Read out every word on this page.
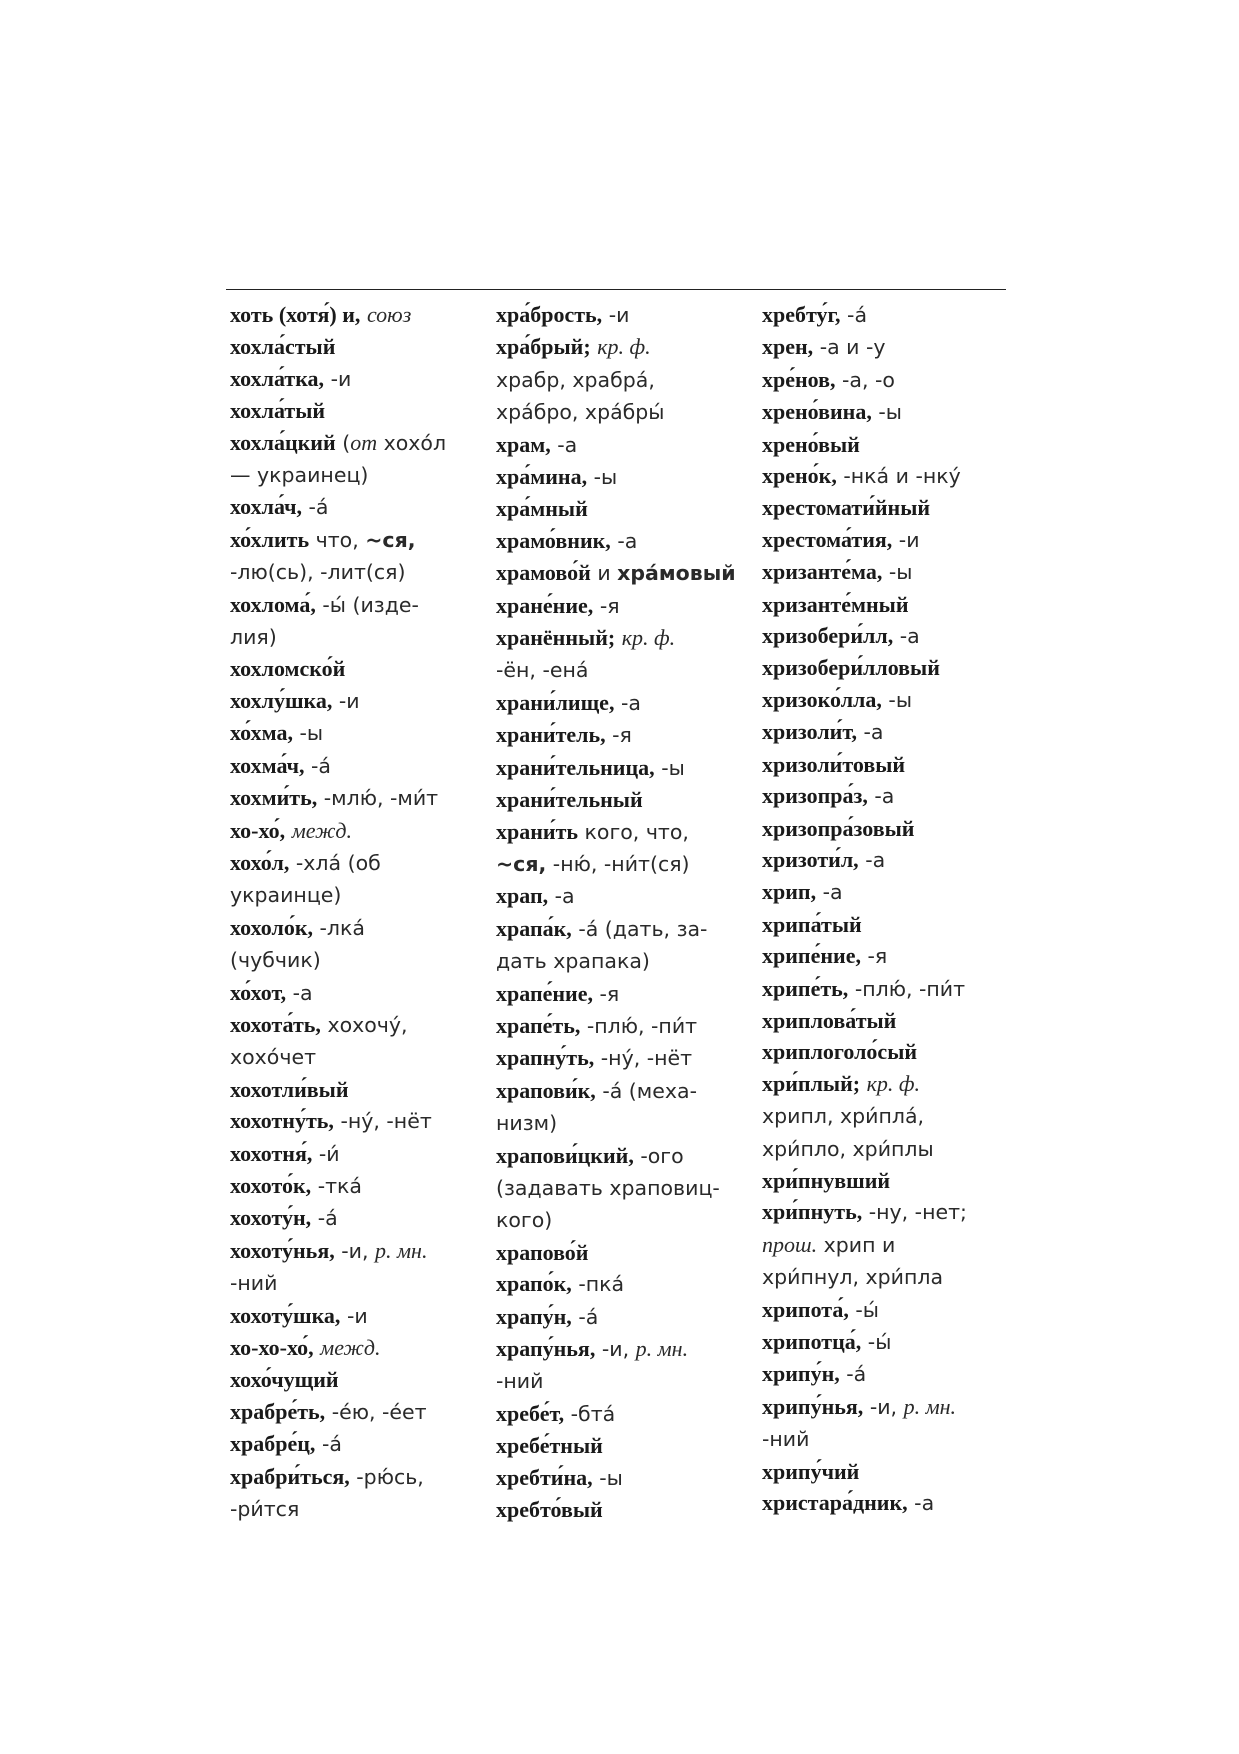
хоть (хотя́) и, союз
хохла́стый
хохла́тка, -и
хохла́тый
хохла́цкий (от хохо́л
— украинец)
хохла́ч, -а́
хо́хлить что, ~ся,
-лю(сь), -лит(ся)
хохлома́, -ы́ (изде-
лия)
хохломско́й
хохлу́шка, -и
хо́хма, -ы
хохма́ч, -а́
хохми́ть, -млю́, -ми́т
хо-хо́, межд.
хохо́л, -хла́ (об
украинце)
хохоло́к, -лка́
(чубчик)
хо́хот, -а
хохота́ть, хохочу́,
хохо́чет
хохотли́вый
хохотну́ть, -ну́, -нёт
хохотня́, -и́
хохото́к, -тка́
хохоту́н, -а́
хохоту́нья, -и, р. мн.
-ний
хохоту́шка, -и
хо-хо-хо́, межд.
хохо́чущий
храбре́ть, -е́ю, -е́ет
храбре́ц, -а́
храбри́ться, -рю́сь,
-ри́тся
хра́брость, -и
хра́брый; кр. ф.
храбр, храбра́,
хра́бро, хра́бры́
храм, -а
хра́мина, -ы
хра́мный
храмо́вник, -а
храмово́й и хра́мовый
хране́ние, -я
хранённый; кр. ф.
-ён, -ена́
храни́лище, -а
храни́тель, -я
храни́тельница, -ы
храни́тельный
храни́ть кого, что,
~ся, -ню́, -ни́т(ся)
храп, -а
храпа́к, -а́ (дать, за-
дать храпака)
храпе́ние, -я
храпе́ть, -плю́, -пи́т
храпну́ть, -ну́, -нёт
храпови́к, -а́ (меха-
низм)
храпови́цкий, -ого
(задавать храповиц-
кого)
храпово́й
храпо́к, -пка́
храпу́н, -а́
храпу́нья, -и, р. мн.
-ний
хребе́т, -бта́
хребе́тный
хребти́на, -ы
хребто́вый
хребту́г, -а́
хрен, -а и -у
хре́нов, -а, -о
хрено́вина, -ы
хрено́вый
хрено́к, -нка́ и -нку́
хрестомати́йный
хрестома́тия, -и
хризанте́ма, -ы
хризанте́мный
хризобери́лл, -а
хризобери́лловый
хризоко́лла, -ы
хризоли́т, -а
хризоли́товый
хризопра́з, -а
хризопра́зовый
хризоти́л, -а
хрип, -а
хрипа́тый
хрипе́ние, -я
хрипе́ть, -плю́, -пи́т
хриплова́тый
хриплоголо́сый
хри́плый; кр. ф.
хрипл, хри́пла́,
хри́пло, хри́плы
хри́пнувший
хри́пнуть, -ну, -нет;
прош. хрип и
хри́пнул, хри́пла
хрипота́, -ы́
хрипотца́, -ы́
хрипу́н, -а́
хрипу́нья, -и, р. мн.
-ний
хрипу́чий
христара́дник, -а
